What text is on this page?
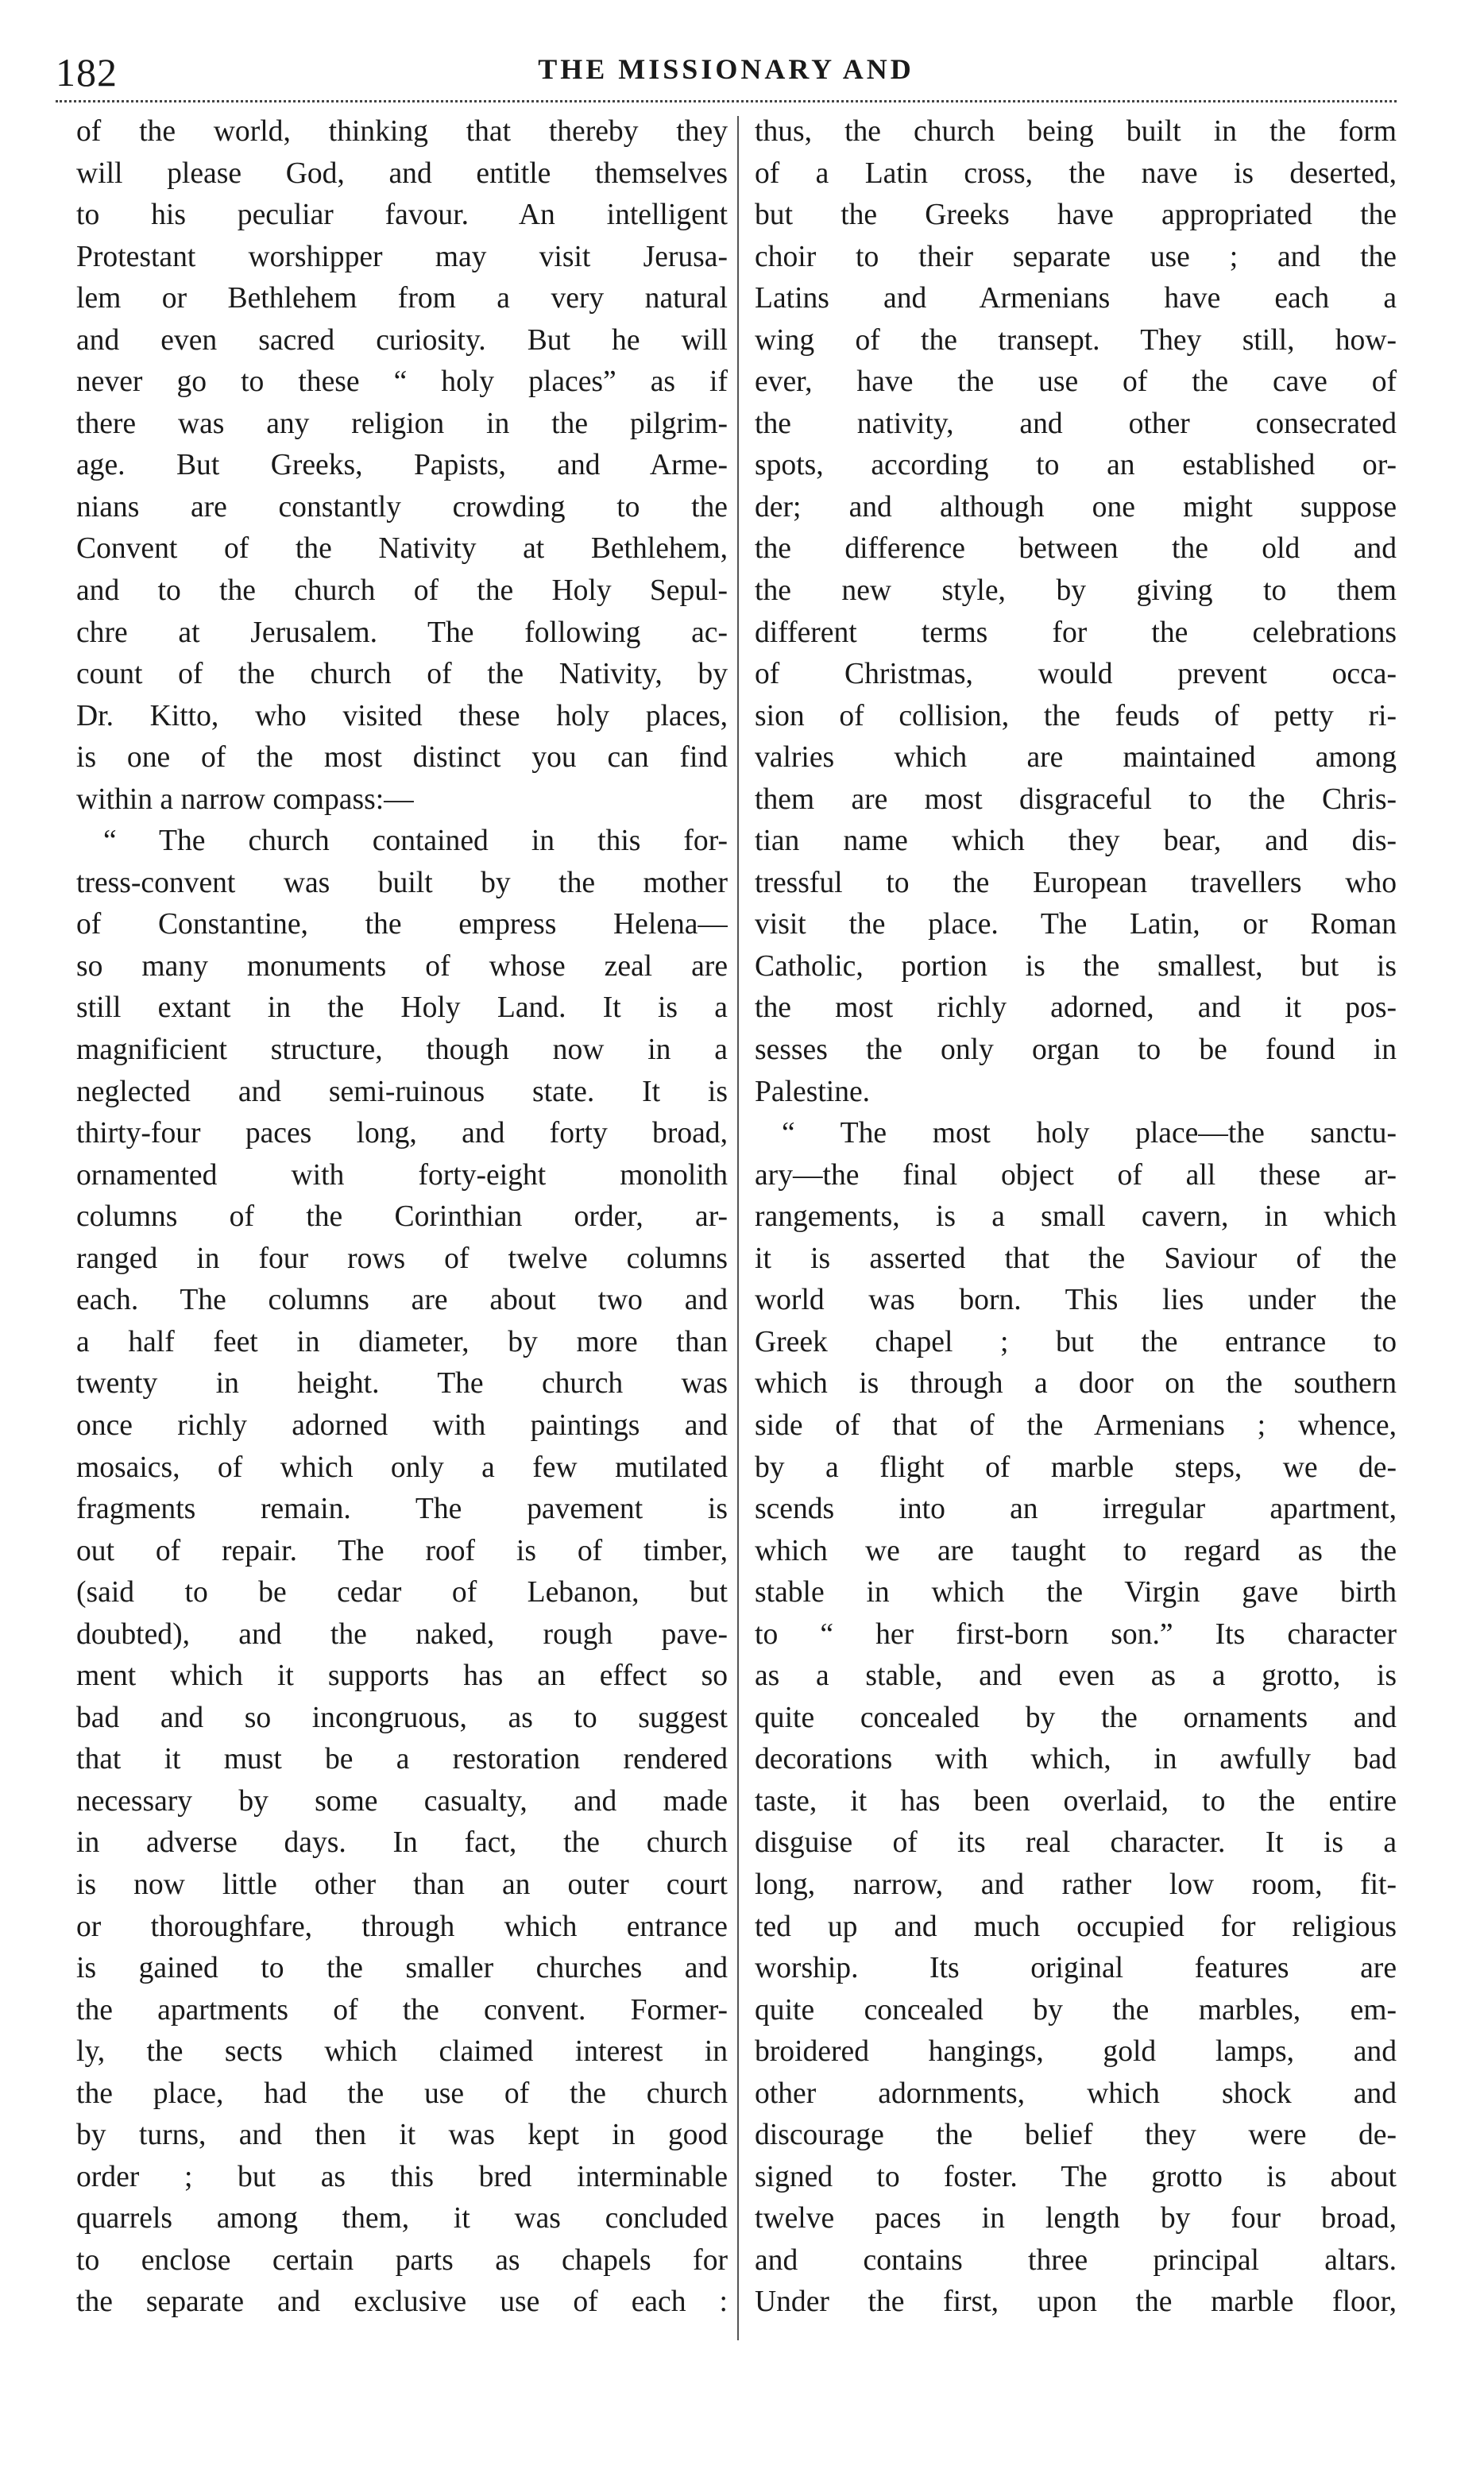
182	THE MISSIONARY AND
of the world, thinking that thereby they
will please God, and entitle themselves
to his peculiar favour. An intelligent
Protestant worshipper may visit Jerusa-
lem or Bethlehem from a very natural
and even sacred curiosity. But he will
never go to these “ holy places” as if
there was any religion in the pilgrim-
age. But Greeks, Papists, and Arme-
nians are constantly crowding to the
Convent of the Nativity at Bethlehem,
and to the church of the Holy Sepul-
chre at Jerusalem. The following ac-
count of the church of the Nativity, by
Dr. Kitto, who visited these holy places,
is one of the most distinct you can find
within a narrow compass:—
“ The church contained in this for-
tress-convent was built by the mother
of Constantine, the empress Helena—
so many monuments of whose zeal are
still extant in the Holy Land. It is a
magnificient structure, though now in a
neglected and semi-ruinous state. It is
thirty-four paces long, and forty broad,
ornamented with forty-eight monolith
columns of the Corinthian order, ar-
ranged in four rows of twelve columns
each. The columns are about two and
a half feet in diameter, by more than
twenty in height. The church was
once richly adorned with paintings and
mosaics, of which only a few mutilated
fragments remain. The pavement is
out of repair. The roof is of timber,
(said to be cedar of Lebanon, but
doubted), and the naked, rough pave-
ment which it supports has an effect so
bad and so incongruous, as to suggest
that it must be a restoration rendered
necessary by some casualty, and made
in adverse days. In fact, the church
is now little other than an outer court
or thoroughfare, through which entrance
is gained to the smaller churches and
the apartments of the convent. Former-
ly, the sects which claimed interest in
the place, had the use of the church
by turns, and then it was kept in good
order ; but as this bred interminable
quarrels among them, it was concluded
to enclose certain parts as chapels for
the separate and exclusive use of each :
thus, the church being built in the form
of a Latin cross, the nave is deserted,
but the Greeks have appropriated the
choir to their separate use ; and the
Latins and Armenians have each a
wing of the transept. They still, how-
ever, have the use of the cave of
the nativity, and other consecrated
spots, according to an established or-
der; and although one might suppose
the difference between the old and
the new style, by giving to them
different terms for the celebrations
of Christmas, would prevent occa-
sion of collision, the feuds of petty ri-
valries which are maintained among
them are most disgraceful to the Chris-
tian name which they bear, and dis-
tressful to the European travellers who
visit the place. The Latin, or Roman
Catholic, portion is the smallest, but is
the most richly adorned, and it pos-
sesses the only organ to be found in
Palestine.
“ The most holy place—the sanctu-
ary—the final object of all these ar-
rangements, is a small cavern, in which
it is asserted that the Saviour of the
world was born. This lies under the
Greek chapel ; but the entrance to
which is through a door on the southern
side of that of the Armenians ; whence,
by a flight of marble steps, we de-
scends into an irregular apartment,
which we are taught to regard as the
stable in which the Virgin gave birth
to “ her first-born son.” Its character
as a stable, and even as a grotto, is
quite concealed by the ornaments and
decorations with which, in awfully bad
taste, it has been overlaid, to the entire
disguise of its real character. It is a
long, narrow, and rather low room, fit-
ted up and much occupied for religious
worship. Its original features are
quite concealed by the marbles, em-
broidered hangings, gold lamps, and
other adornments, which shock and
discourage the belief they were de-
signed to foster. The grotto is about
twelve paces in length by four broad,
and contains three principal altars.
Under the first, upon the marble floor,
